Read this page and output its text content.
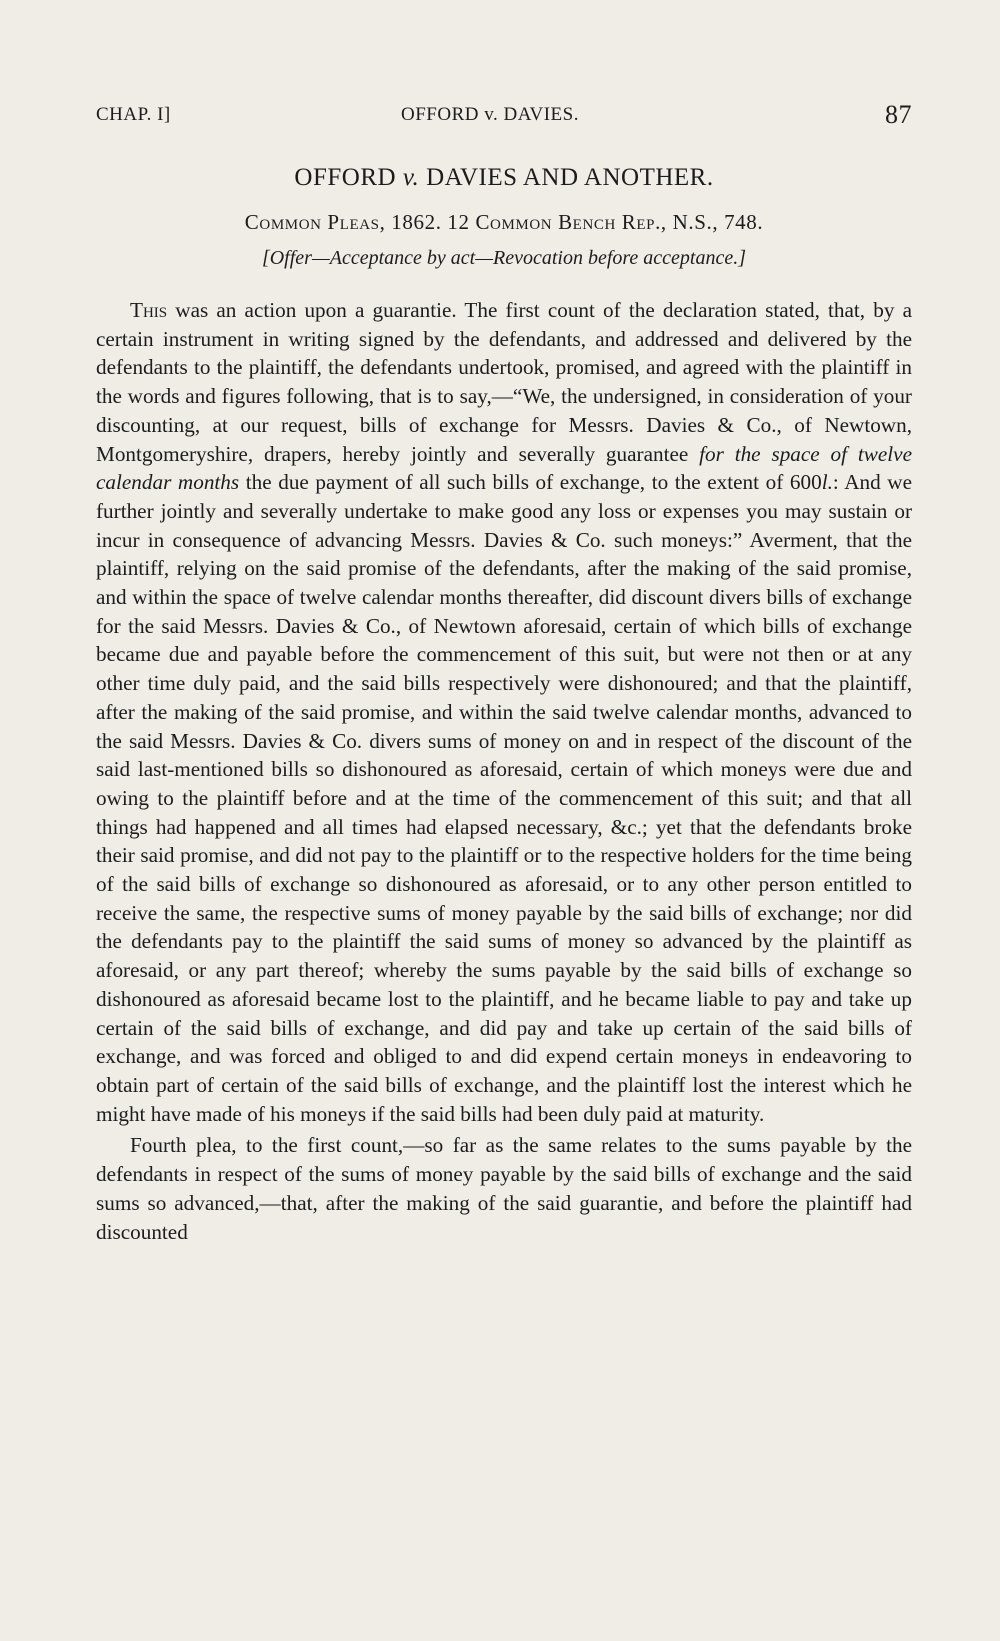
CHAP. I]	OFFORD v. DAVIES.	87
OFFORD v. DAVIES AND ANOTHER.
Common Pleas, 1862. 12 Common Bench Rep., N.S., 748.
[Offer—Acceptance by act—Revocation before acceptance.]

This was an action upon a guarantie. The first count of the declaration stated, that, by a certain instrument in writing signed by the defendants, and addressed and delivered by the defendants to the plaintiff, the defendants undertook, promised, and agreed with the plaintiff in the words and figures following, that is to say,—“We, the undersigned, in consideration of your discounting, at our request, bills of exchange for Messrs. Davies & Co., of Newtown, Montgomeryshire, drapers, hereby jointly and severally guarantee for the space of twelve calendar months the due payment of all such bills of exchange, to the extent of 600l.: And we further jointly and severally undertake to make good any loss or expenses you may sustain or incur in consequence of advancing Messrs. Davies & Co. such moneys:” Averment, that the plaintiff, relying on the said promise of the defendants, after the making of the said promise, and within the space of twelve calendar months thereafter, did discount divers bills of exchange for the said Messrs. Davies & Co., of Newtown aforesaid, certain of which bills of exchange became due and payable before the commencement of this suit, but were not then or at any other time duly paid, and the said bills respectively were dishonoured; and that the plaintiff, after the making of the said promise, and within the said twelve calendar months, advanced to the said Messrs. Davies & Co. divers sums of money on and in respect of the discount of the said last-mentioned bills so dishonoured as aforesaid, certain of which moneys were due and owing to the plaintiff before and at the time of the commencement of this suit; and that all things had happened and all times had elapsed necessary, &c.; yet that the defendants broke their said promise, and did not pay to the plaintiff or to the respective holders for the time being of the said bills of exchange so dishonoured as aforesaid, or to any other person entitled to receive the same, the respective sums of money payable by the said bills of exchange; nor did the defendants pay to the plaintiff the said sums of money so advanced by the plaintiff as aforesaid, or any part thereof; whereby the sums payable by the said bills of exchange so dishonoured as aforesaid became lost to the plaintiff, and he became liable to pay and take up certain of the said bills of exchange, and did pay and take up certain of the said bills of exchange, and was forced and obliged to and did expend certain moneys in endeavoring to obtain part of certain of the said bills of exchange, and the plaintiff lost the interest which he might have made of his moneys if the said bills had been duly paid at maturity.

Fourth plea, to the first count,—so far as the same relates to the sums payable by the defendants in respect of the sums of money payable by the said bills of exchange and the said sums so advanced,—that, after the making of the said guarantie, and before the plaintiff had discounted
